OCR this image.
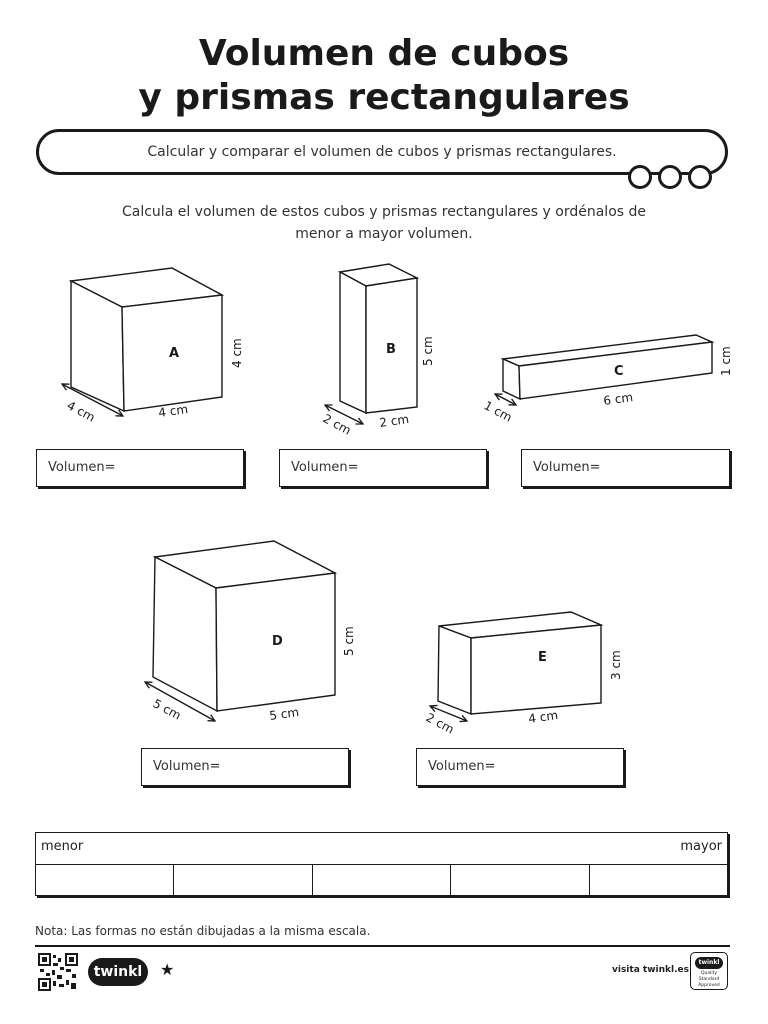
Volumen de cubos
y prismas rectangulares
Calcular y comparar el volumen de cubos y prismas rectangulares.
Calcula el volumen de estos cubos y prismas rectangulares y ordénalos de
menor a mayor volumen.
A
4 cm
4 cm
4 cm	B
2 cm
2 cm
5 cm
C
6 cm
1 cm
1 cm
D
5 cm
5 cm
5 cm
E
4 cm
2 cm
3 cm
Volumen=	Volumen=	Volumen=
Volumen=	Volumen=
menor	mayor
Nota: Las formas no están dibujadas a la misma escala.
twinkl	★	visita twinkl.es
twinkl
Quality Standard Approved
